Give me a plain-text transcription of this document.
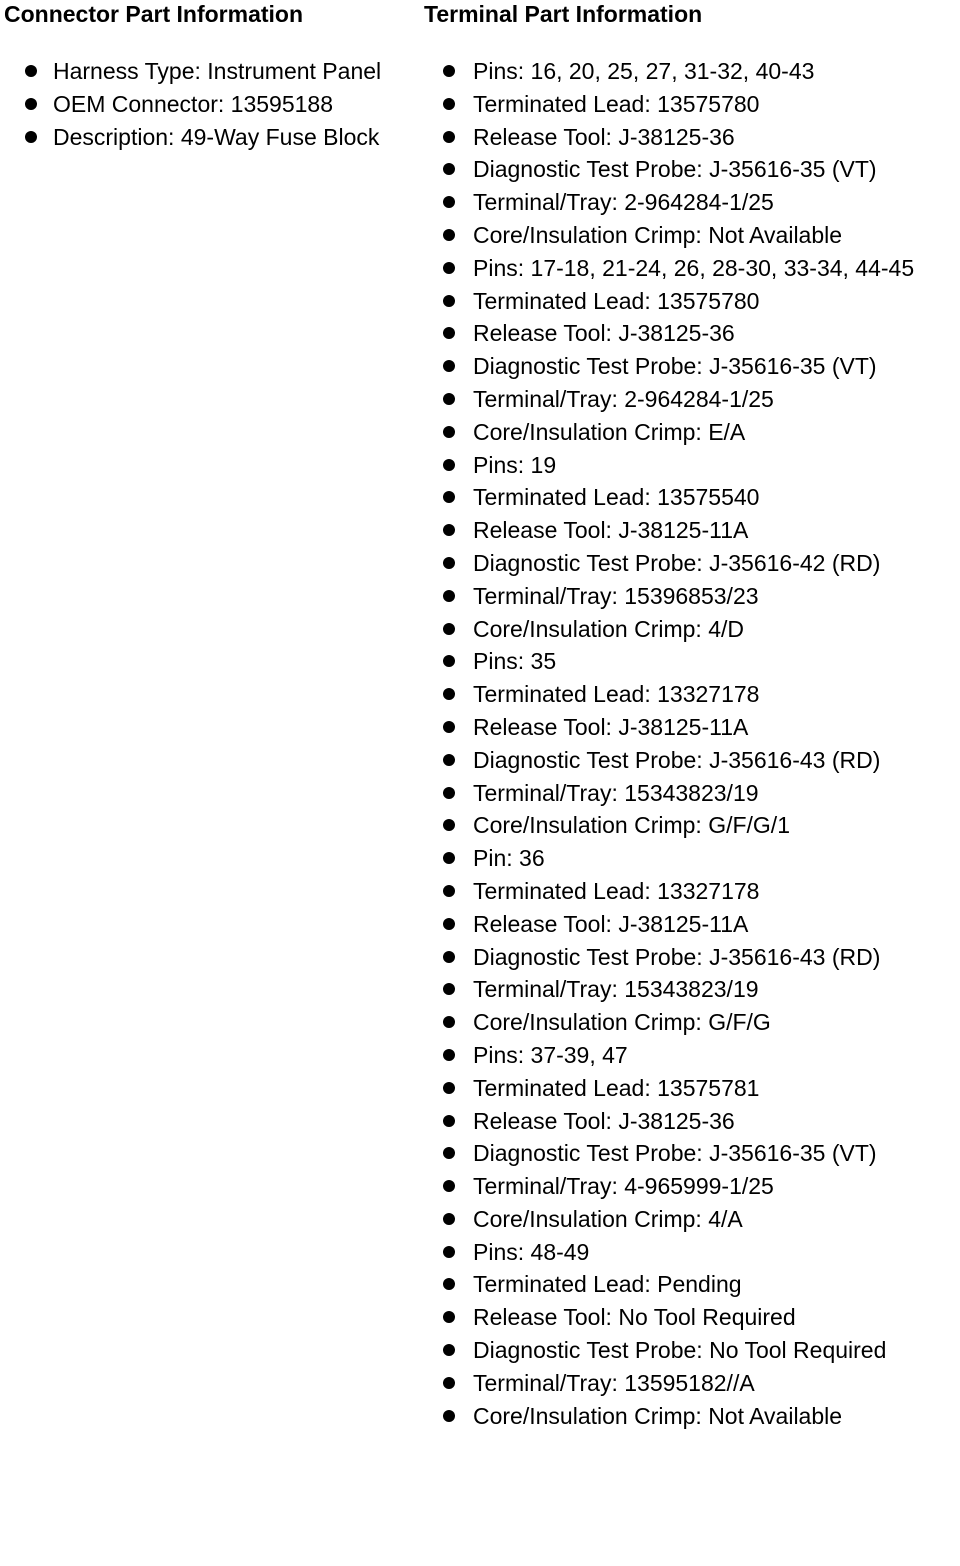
Connector Part Information
Harness Type: Instrument Panel
OEM Connector: 13595188
Description: 49-Way Fuse Block
Terminal Part Information
Pins: 16, 20, 25, 27, 31-32, 40-43
Terminated Lead: 13575780
Release Tool: J-38125-36
Diagnostic Test Probe: J-35616-35 (VT)
Terminal/Tray: 2-964284-1/25
Core/Insulation Crimp: Not Available
Pins: 17-18, 21-24, 26, 28-30, 33-34, 44-45
Terminated Lead: 13575780
Release Tool: J-38125-36
Diagnostic Test Probe: J-35616-35 (VT)
Terminal/Tray: 2-964284-1/25
Core/Insulation Crimp: E/A
Pins: 19
Terminated Lead: 13575540
Release Tool: J-38125-11A
Diagnostic Test Probe: J-35616-42 (RD)
Terminal/Tray: 15396853/23
Core/Insulation Crimp: 4/D
Pins: 35
Terminated Lead: 13327178
Release Tool: J-38125-11A
Diagnostic Test Probe: J-35616-43 (RD)
Terminal/Tray: 15343823/19
Core/Insulation Crimp: G/F/G/1
Pin: 36
Terminated Lead: 13327178
Release Tool: J-38125-11A
Diagnostic Test Probe: J-35616-43 (RD)
Terminal/Tray: 15343823/19
Core/Insulation Crimp: G/F/G
Pins: 37-39, 47
Terminated Lead: 13575781
Release Tool: J-38125-36
Diagnostic Test Probe: J-35616-35 (VT)
Terminal/Tray: 4-965999-1/25
Core/Insulation Crimp: 4/A
Pins: 48-49
Terminated Lead: Pending
Release Tool: No Tool Required
Diagnostic Test Probe: No Tool Required
Terminal/Tray: 13595182//A
Core/Insulation Crimp: Not Available
